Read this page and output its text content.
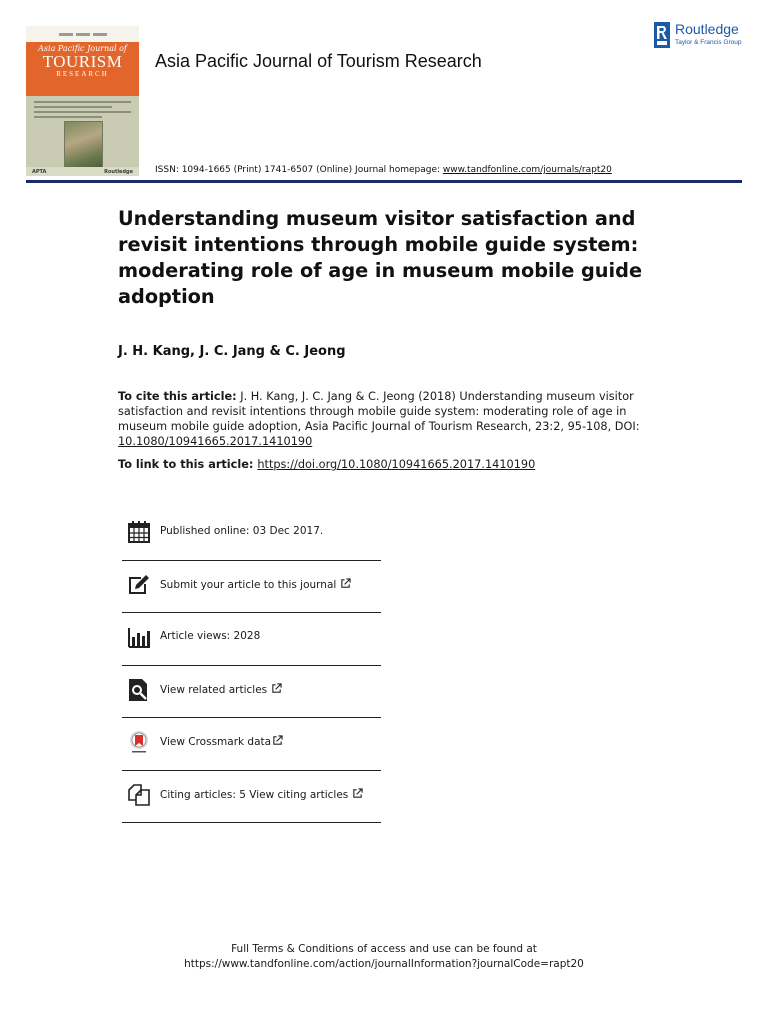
Asia Pacific Journal of
TOURISM
RESEARCH
APTA	Routledge
Asia Pacific Journal of Tourism Research
ISSN: 1094-1665 (Print) 1741-6507 (Online) Journal homepage: www.tandfonline.com/journals/rapt20
Routledge
Taylor & Francis Group
Understanding museum visitor satisfaction and revisit intentions through mobile guide system: moderating role of age in museum mobile guide adoption
J. H. Kang, J. C. Jang & C. Jeong
To cite this article: J. H. Kang, J. C. Jang & C. Jeong (2018) Understanding museum visitor satisfaction and revisit intentions through mobile guide system: moderating role of age in museum mobile guide adoption, Asia Pacific Journal of Tourism Research, 23:2, 95-108, DOI: 10.1080/10941665.2017.1410190
To link to this article: https://doi.org/10.1080/10941665.2017.1410190
Published online: 03 Dec 2017.
Submit your article to this journal
Article views: 2028
View related articles
View Crossmark data
Citing articles: 5 View citing articles
Full Terms & Conditions of access and use can be found at
https://www.tandfonline.com/action/journalInformation?journalCode=rapt20
